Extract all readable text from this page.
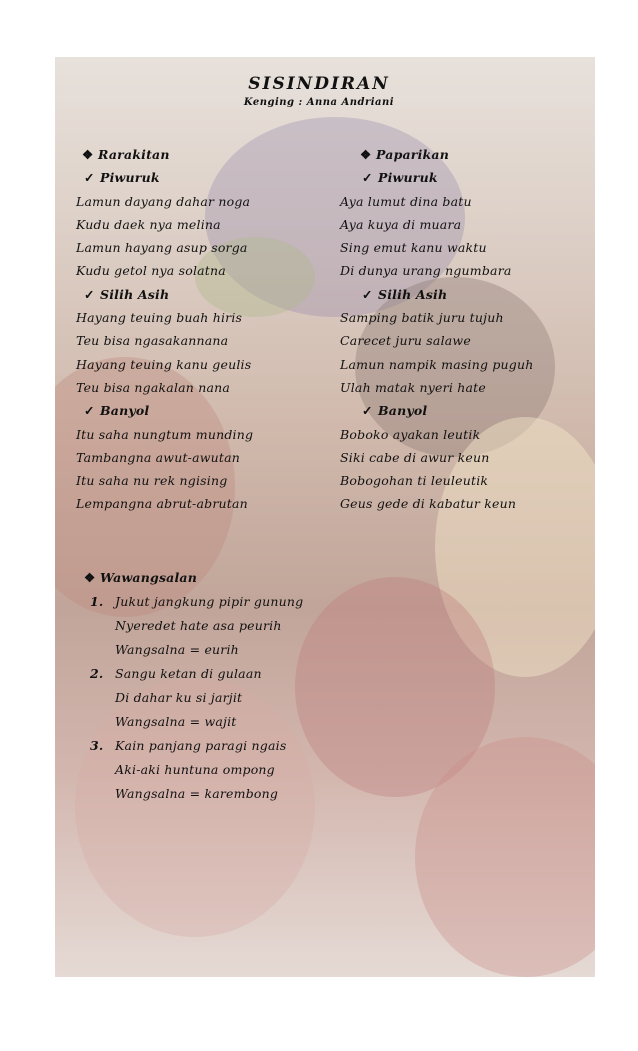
SISINDIRAN
Kenging : Anna Andriani
❖ Rarakitan
✓ Piwuruk
Lamun dayang dahar noga
Kudu daek nya melina
Lamun hayang asup sorga
Kudu getol nya solatna
✓ Silih Asih
Hayang teuing buah hiris
Teu bisa ngasakannana
Hayang teuing kanu geulis
Teu bisa ngakalan nana
✓ Banyol
Itu saha nungtum munding
Tambangna awut-awutan
Itu saha nu rek ngising
Lempangna abrut-abrutan
❖ Paparikan
✓ Piwuruk
Aya lumut dina batu
Aya kuya di muara
Sing emut kanu waktu
Di dunya urang ngumbara
✓ Silih Asih
Samping batik juru tujuh
Carecet juru salawe
Lamun nampik masing puguh
Ulah matak nyeri hate
✓ Banyol
Boboko ayakan leutik
Siki cabe di awur keun
Bobogohan ti leuleutik
Geus gede di kabatur keun
❖ Wawangsalan
1. Jukut jangkung pipir gunung
Nyeredet hate asa peurih
Wangsalna = eurih
2. Sangu ketan di gulaan
Di dahar ku si jarjit
Wangsalna = wajit
3. Kain panjang paragi ngais
Aki-aki huntuna ompong
Wangsalna = karembong
